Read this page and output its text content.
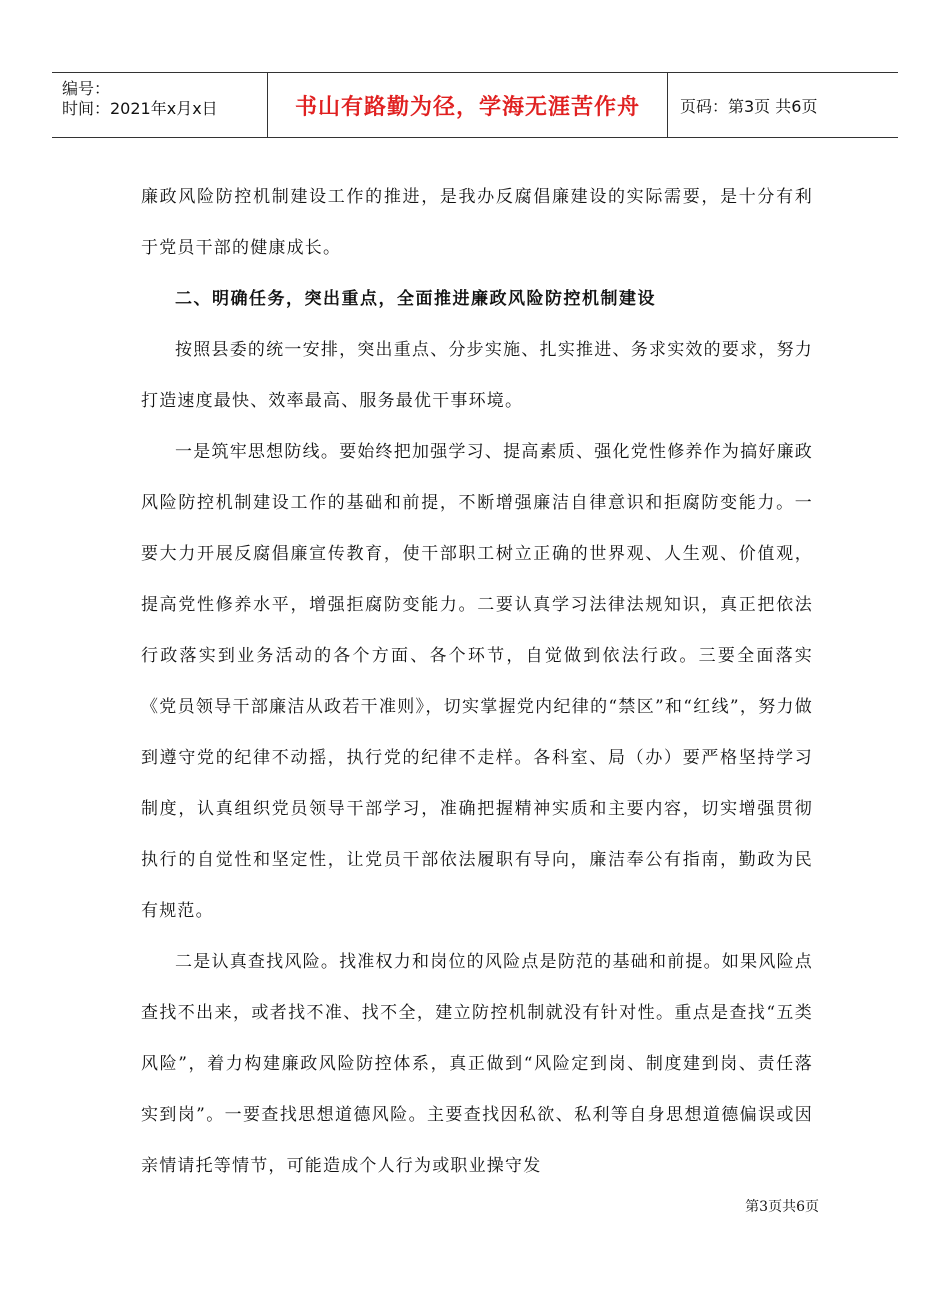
编号：
时间：2021年x月x日	书山有路勤为径，学海无涯苦作舟	页码：第3页 共6页

廉政风险防控机制建设工作的推进，是我办反腐倡廉建设的实际需要，是十分有利于党员干部的健康成长。

二、明确任务，突出重点，全面推进廉政风险防控机制建设

按照县委的统一安排，突出重点、分步实施、扎实推进、务求实效的要求，努力打造速度最快、效率最高、服务最优干事环境。

一是筑牢思想防线。要始终把加强学习、提高素质、强化党性修养作为搞好廉政风险防控机制建设工作的基础和前提，不断增强廉洁自律意识和拒腐防变能力。一要大力开展反腐倡廉宣传教育，使干部职工树立正确的世界观、人生观、价值观，提高党性修养水平，增强拒腐防变能力。二要认真学习法律法规知识，真正把依法行政落实到业务活动的各个方面、各个环节，自觉做到依法行政。三要全面落实《党员领导干部廉洁从政若干准则》，切实掌握党内纪律的“禁区”和“红线”，努力做到遵守党的纪律不动摇，执行党的纪律不走样。各科室、局（办）要严格坚持学习制度，认真组织党员领导干部学习，准确把握精神实质和主要内容，切实增强贯彻执行的自觉性和坚定性，让党员干部依法履职有导向，廉洁奉公有指南，勤政为民有规范。

二是认真查找风险。找准权力和岗位的风险点是防范的基础和前提。如果风险点查找不出来，或者找不准、找不全，建立防控机制就没有针对性。重点是查找“五类风险”，着力构建廉政风险防控体系，真正做到“风险定到岗、制度建到岗、责任落实到岗”。一要查找思想道德风险。主要查找因私欲、私利等自身思想道德偏误或因亲情请托等情节，可能造成个人行为或职业操守发

第3页共6页
